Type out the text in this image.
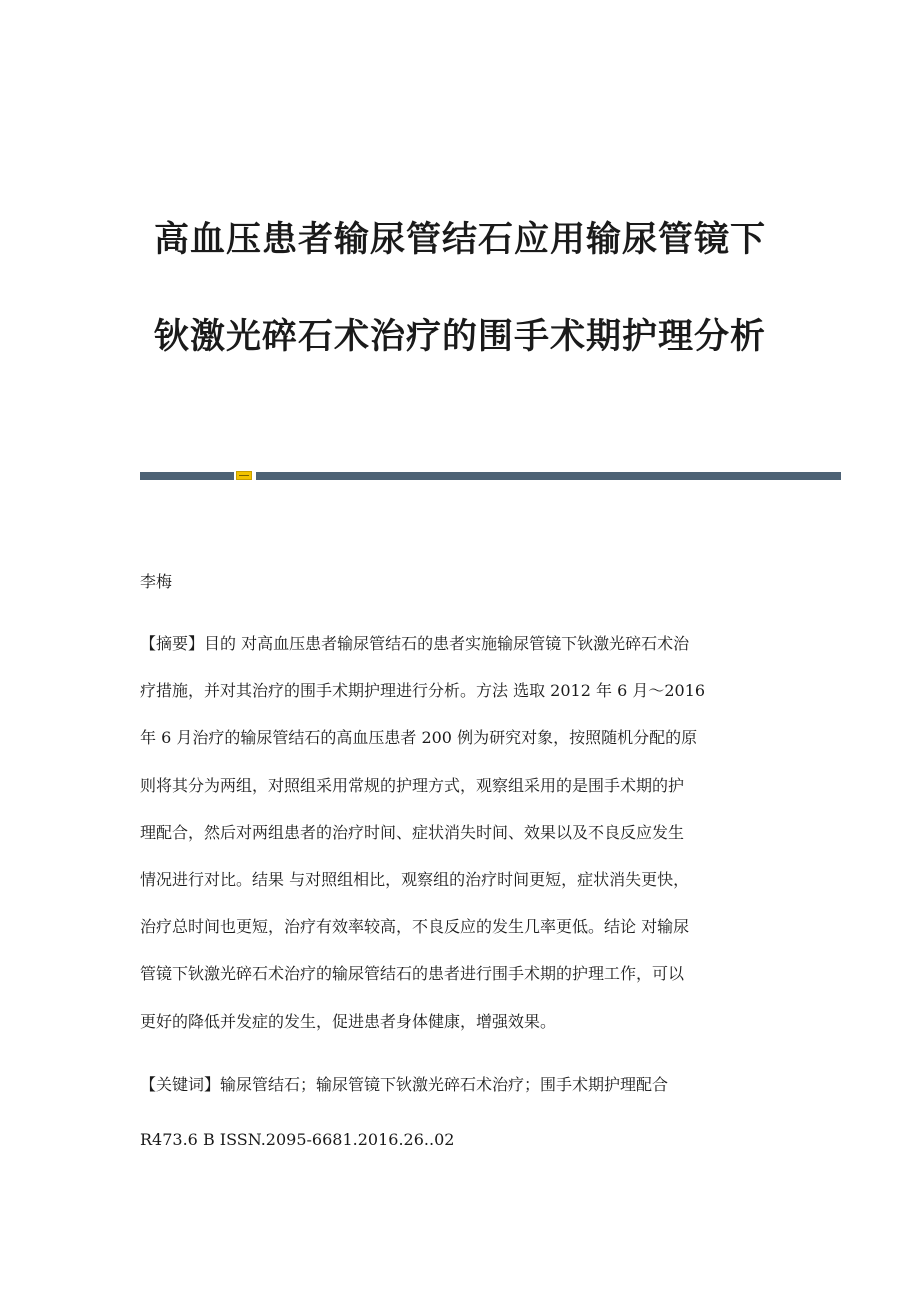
高血压患者输尿管结石应用输尿管镜下
钬激光碎石术治疗的围手术期护理分析

李梅

【摘要】目的 对高血压患者输尿管结石的患者实施输尿管镜下钬激光碎石术治
疗措施，并对其治疗的围手术期护理进行分析。方法 选取 2012 年 6 月～2016
年 6 月治疗的输尿管结石的高血压患者 200 例为研究对象，按照随机分配的原
则将其分为两组，对照组采用常规的护理方式，观察组采用的是围手术期的护
理配合，然后对两组患者的治疗时间、症状消失时间、效果以及不良反应发生
情况进行对比。结果 与对照组相比，观察组的治疗时间更短，症状消失更快，
治疗总时间也更短，治疗有效率较高，不良反应的发生几率更低。结论 对输尿
管镜下钬激光碎石术治疗的输尿管结石的患者进行围手术期的护理工作，可以
更好的降低并发症的发生，促进患者身体健康，增强效果。

【关键词】输尿管结石；输尿管镜下钬激光碎石术治疗；围手术期护理配合

R473.6 B ISSN.2095-6681.2016.26..02
